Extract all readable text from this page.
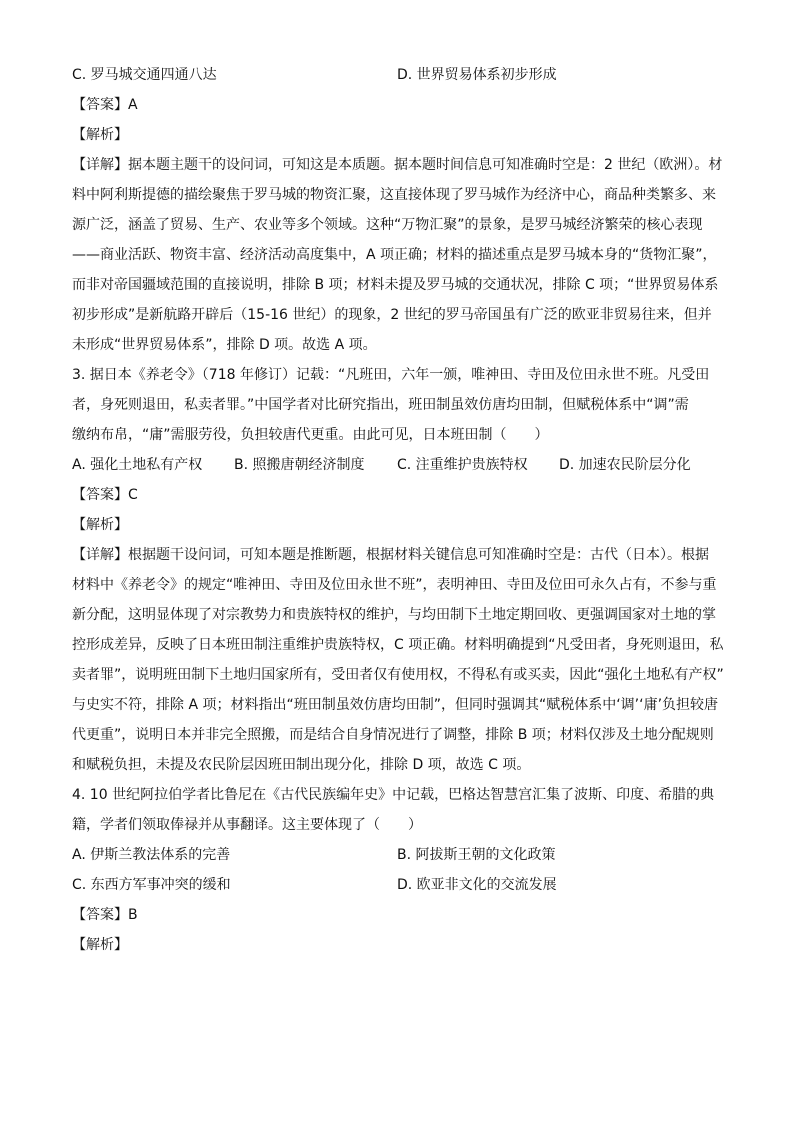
C. 罗马城交通四通八达	D. 世界贸易体系初步形成

【答案】A

【解析】

【详解】据本题主题干的设问词，可知这是本质题。据本题时间信息可知准确时空是：2 世纪（欧洲）。材
料中阿利斯提德的描绘聚焦于罗马城的物资汇聚，这直接体现了罗马城作为经济中心，商品种类繁多、来
源广泛，涵盖了贸易、生产、农业等多个领域。这种“万物汇聚”的景象，是罗马城经济繁荣的核心表现
——商业活跃、物资丰富、经济活动高度集中，A 项正确；材料的描述重点是罗马城本身的“货物汇聚”，
而非对帝国疆域范围的直接说明，排除 B 项；材料未提及罗马城的交通状况，排除 C 项；“世界贸易体系
初步形成”是新航路开辟后（15-16 世纪）的现象，2 世纪的罗马帝国虽有广泛的欧亚非贸易往来，但并
未形成“世界贸易体系”，排除 D 项。故选 A 项。

3. 据日本《养老令》（718 年修订）记载：“凡班田，六年一颁，唯神田、寺田及位田永世不班。凡受田
者，身死则退田，私卖者罪。”中国学者对比研究指出，班田制虽效仿唐均田制，但赋税体系中“调”需
缴纳布帛，“庸”需服劳役，负担较唐代更重。由此可见，日本班田制（　　）

A. 强化土地私有产权	B. 照搬唐朝经济制度	C. 注重维护贵族特权	D. 加速农民阶层分化

【答案】C

【解析】

【详解】根据题干设问词，可知本题是推断题，根据材料关键信息可知准确时空是：古代（日本）。根据
材料中《养老令》的规定“唯神田、寺田及位田永世不班”，表明神田、寺田及位田可永久占有，不参与重
新分配，这明显体现了对宗教势力和贵族特权的维护，与均田制下土地定期回收、更强调国家对土地的掌
控形成差异，反映了日本班田制注重维护贵族特权，C 项正确。材料明确提到“凡受田者，身死则退田，私
卖者罪”，说明班田制下土地归国家所有，受田者仅有使用权，不得私有或买卖，因此“强化土地私有产权”
与史实不符，排除 A 项；材料指出“班田制虽效仿唐均田制”，但同时强调其“赋税体系中‘调’‘庸’负担较唐
代更重”，说明日本并非完全照搬，而是结合自身情况进行了调整，排除 B 项；材料仅涉及土地分配规则
和赋税负担，未提及农民阶层因班田制出现分化，排除 D 项，故选 C 项。

4. 10 世纪阿拉伯学者比鲁尼在《古代民族编年史》中记载，巴格达智慧宫汇集了波斯、印度、希腊的典
籍，学者们领取俸禄并从事翻译。这主要体现了（　　）

A. 伊斯兰教法体系的完善	B. 阿拔斯王朝的文化政策
C. 东西方军事冲突的缓和	D. 欧亚非文化的交流发展

【答案】B

【解析】
